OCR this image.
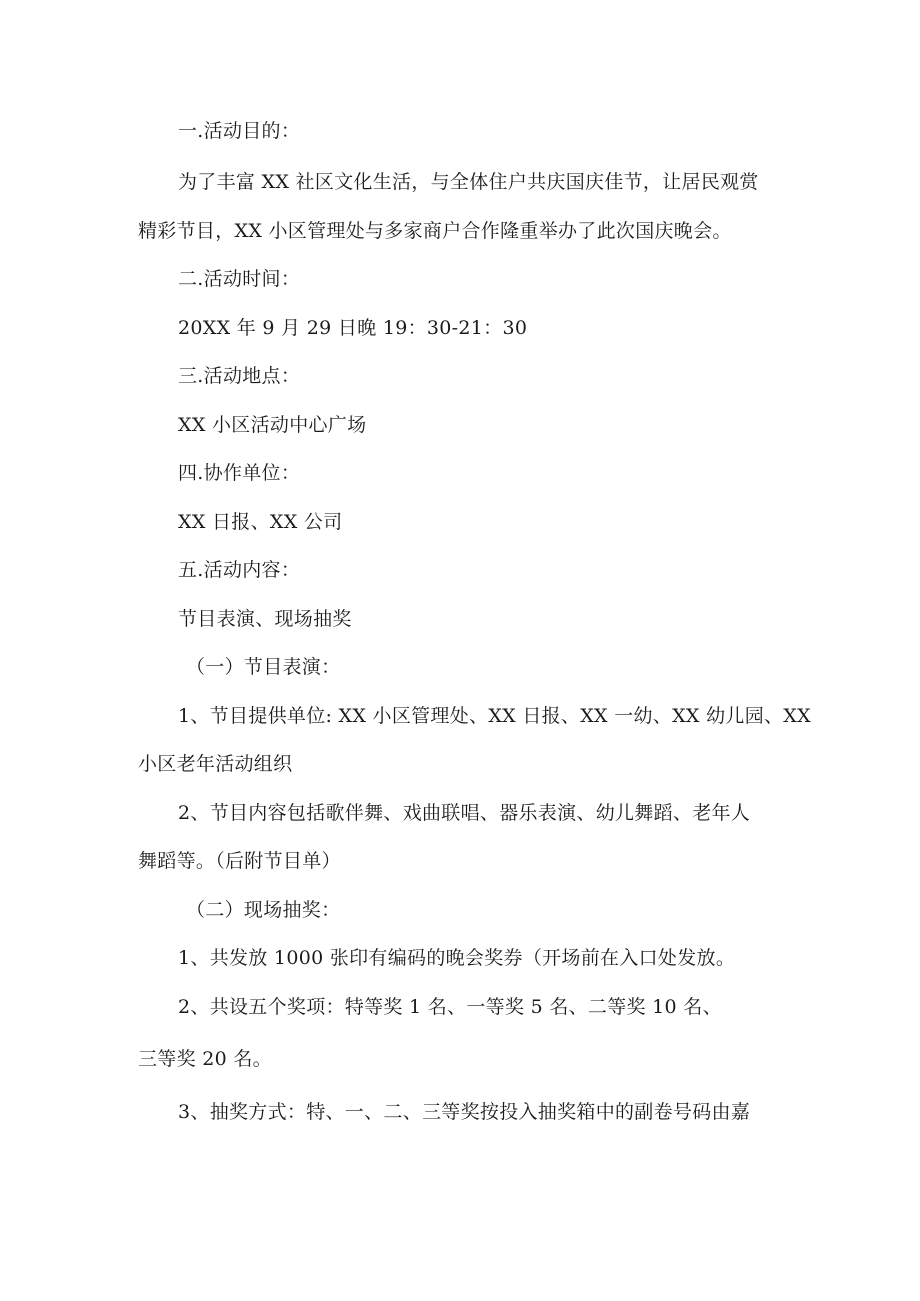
一.活动目的：
为了丰富 XX 社区文化生活，与全体住户共庆国庆佳节，让居民观赏
精彩节目，XX 小区管理处与多家商户合作隆重举办了此次国庆晚会。
二.活动时间：
20XX 年 9 月 29 日晚 19：30-21：30
三.活动地点：
XX 小区活动中心广场
四.协作单位：
XX 日报、XX 公司
五.活动内容：
节目表演、现场抽奖
（一）节目表演：
1、节目提供单位: XX 小区管理处、XX 日报、XX 一幼、XX 幼儿园、XX
小区老年活动组织
2、节目内容包括歌伴舞、戏曲联唱、器乐表演、幼儿舞蹈、老年人
舞蹈等。（后附节目单）
（二）现场抽奖：
1、共发放 1000 张印有编码的晚会奖券（开场前在入口处发放。
2、共设五个奖项：特等奖 1 名、一等奖 5 名、二等奖 10 名、
三等奖 20 名。
3、抽奖方式：特、一、二、三等奖按投入抽奖箱中的副卷号码由嘉
